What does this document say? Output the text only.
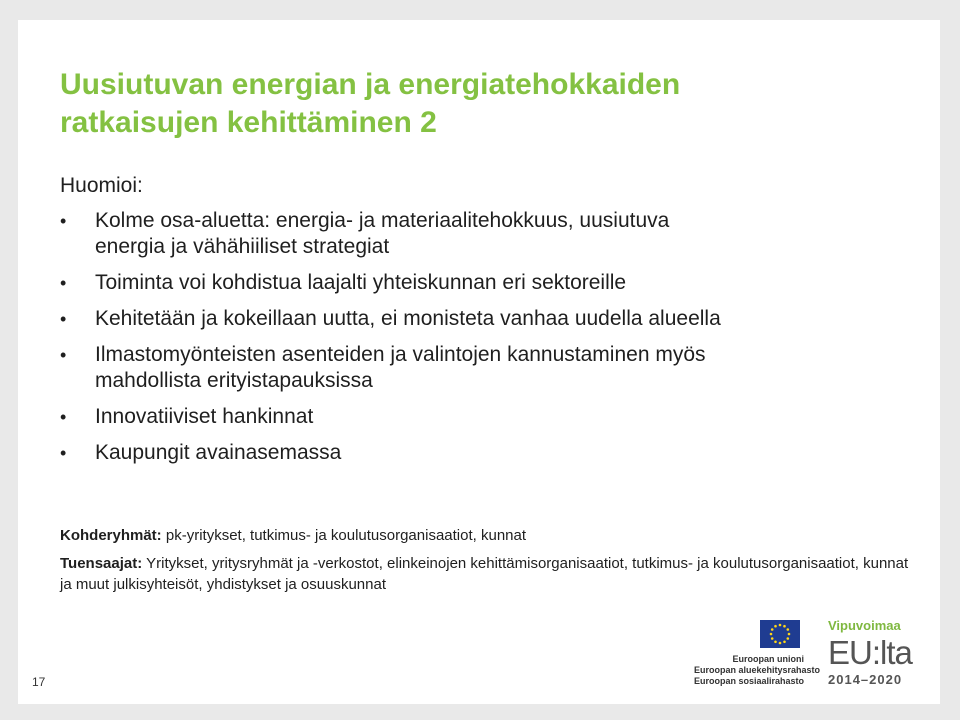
Uusiutuvan energian ja energiatehokkaiden
ratkaisujen kehittäminen 2

Huomioi:

• Kolme osa-aluetta: energia- ja materiaalitehokkuus, uusiutuva
energia ja vähähiiliset strategiat
• Toiminta voi kohdistua laajalti yhteiskunnan eri sektoreille
• Kehitetään ja kokeillaan uutta, ei monisteta vanhaa uudella alueella
• Ilmastomyönteisten asenteiden ja valintojen kannustaminen myös
mahdollista erityistapauksissa
• Innovatiiviset hankinnat
• Kaupungit avainasemassa

Kohderyhmät: pk-yritykset, tutkimus- ja koulutusorganisaatiot, kunnat

Tuensaajat: Yritykset, yritysryhmät ja -verkostot, elinkeinojen kehittämisorganisaatiot, tutkimus- ja koulutusorganisaatiot, kunnat ja muut julkisyhteisöt, yhdistykset ja osuuskunnat

17
Euroopan unioni
Euroopan aluekehitysrahasto
Euroopan sosiaalirahasto
Vipuvoimaa
EU:lta
2014–2020
